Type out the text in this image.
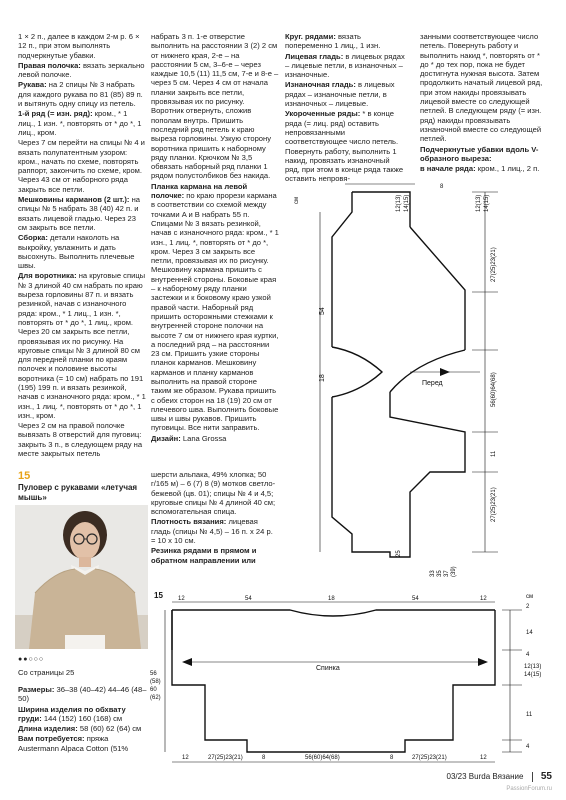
1 × 2 п., далее в каждом 2-м р. 6 × 12 п., при этом выполнять подчеркнутые убавки.

Правая полочка: вязать зеркально левой полочке.

Рукава: на 2 спицы № 3 набрать для каждого рукава по 81 (85) 89 п. и вытянуть одну спицу из петель.

1-й ряд (= изн. ряд): кром., * 1 лиц., 1 изн. *, повторять от * до *, 1 лиц., кром.

Через 7 см перейти на спицы № 4 и вязать полупатентным узором: кром., начать по схеме, повторять раппорт, закончить по схеме, кром. Через 43 см от наборного ряда закрыть все петли.

Мешковины карманов (2 шт.): на спицы № 5 набрать 38 (40) 42 п. и вязать лицевой гладью. Через 23 см закрыть все петли.

Сборка: детали наколоть на выкройку, увлажнить и дать высохнуть. Выполнить плечевые швы.

Для воротника: на круговые спицы № 3 длиной 40 см набрать по краю выреза горловины 87 п. и вязать резинкой, начав с изнаночного ряда: кром., * 1 лиц., 1 изн. *, повторять от * до *, 1 лиц., кром. Через 20 см закрыть все петли, провязывая их по рисунку. На круговые спицы № 3 длиной 80 см для передней планки по краям полочек и половине высоты воротника (= 10 см) набрать по 191 (195) 199 п. и вязать резинкой, начав с изнаночного ряда: кром., * 1 изн., 1 лиц. *, повторять от * до *, 1 изн., кром.

Через 2 см на правой полочке вывязать 8 отверстий для пуговиц: закрыть 3 п., в следующем ряду на месте закрытых петель

набрать 3 п. 1-е отверстие выполнить на расстоянии 3 (2) 2 см от нижнего края, 2-е – на расстоянии 5 см, 3–6-е – через каждые 10,5 (11) 11,5 см, 7-е и 8-е – через 5 см. Через 4 см от начала планки закрыть все петли, провязывая их по рисунку. Воротник отвернуть, сложив пополам внутрь. Пришить последний ряд петель к краю выреза горловины. Узкую сторону воротника пришить к наборному ряду планки. Крючком № 3,5 обвязать наборный ряд планки 1 рядом полустолбиков без накида.

Планка кармана на левой полочке: по краю прорези кармана в соответствии со схемой между точками A и B набрать 55 п. Спицами № 3 вязать резинкой, начав с изнаночного ряда: кром., * 1 изн., 1 лиц. *, повторять от * до *, кром. Через 3 см закрыть все петли, провязывая их по рисунку. Мешковину кармана пришить с внутренней стороны. Боковые края – к наборному ряду планки застежки и к боковому краю узкой правой части. Наборный ряд пришить осторожными стежками к внутренней стороне полочки на высоте 7 см от нижнего края куртки, а последний ряд – на расстоянии 23 см. Пришить узкие стороны планок карманов. Мешковину карманов и планку карманов выполнить на правой стороне таким же образом. Рукава пришить с обеих сторон на 18 (19) 20 см от плечевого шва. Выполнить боковые швы и швы рукавов. Пришить пуговицы. Все нити заправить.

Дизайн: Lana Grossa

Круг. рядами: вязать попеременно 1 лиц., 1 изн.

Лицевая гладь: в лицевых рядах – лицевые петли, в изнаночных – изнаночные.

Изнаночная гладь: в лицевых рядах – изнаночные петли, в изнаночных – лицевые.

Укороченные ряды: * в конце ряда (= лиц. ряд) оставить непровязанными соответствующее число петель. Повернуть работу, выполнить 1 накид, провязать изнаночный ряд, при этом в конце ряда также оставить непровя-

занными соответствующее число петель. Повернуть работу и выполнить накид *, повторять от * до * до тех пор, пока не будет достигнута нужная высота. Затем продолжить начатый лицевой ряд, при этом накиды провязывать лицевой вместе со следующей петлей. В следующем ряду (= изн. ряд) накиды провязывать изнаночной вместе со следующей петлей.

Подчеркнутые убавки вдоль V-образного выреза:

в начале ряда: кром., 1 лиц., 2 п.

15
Пуловер с рукавами «летучая мышь»
●●○○○
Со страницы 25

Размеры: 36–38 (40–42) 44–46 (48–50)

Ширина изделия по обхвату груди: 144 (152) 160 (168) см

Длина изделия: 58 (60) 62 (64) см

Вам потребуется: пряжа Austermann Alpaca Cotton (51%

шерсти альпака, 49% хлопка; 50 г/165 м) – 6 (7) 8 (9) мотков светло-бежевой (цв. 01); спицы № 4 и 4,5; круговые спицы № 4 длиной 40 см; вспомогательная спица.

Плотность вязания: лицевая гладь (спицы № 4,5) – 16 п. x 24 р. = 10 x 10 см.

Резинка рядами в прямом и обратном направлении или

Перед
54
18
см	12(13) 14(15)
8
12(13) 14(15)
27(25)23(21)
56(60)64(68)
11
27(25)23(21)
25
33 35 37 (39)
15	см
Спинка
12	54	18	54	12
56
(58)
60
(62)
2
14
4
12(13)
14(15)
11
4
12	27(25)23(21)	8	56(60)64(68)	8	27(25)23(21)	12
03/23 Burda Вязание 55
PassionForum.ru
